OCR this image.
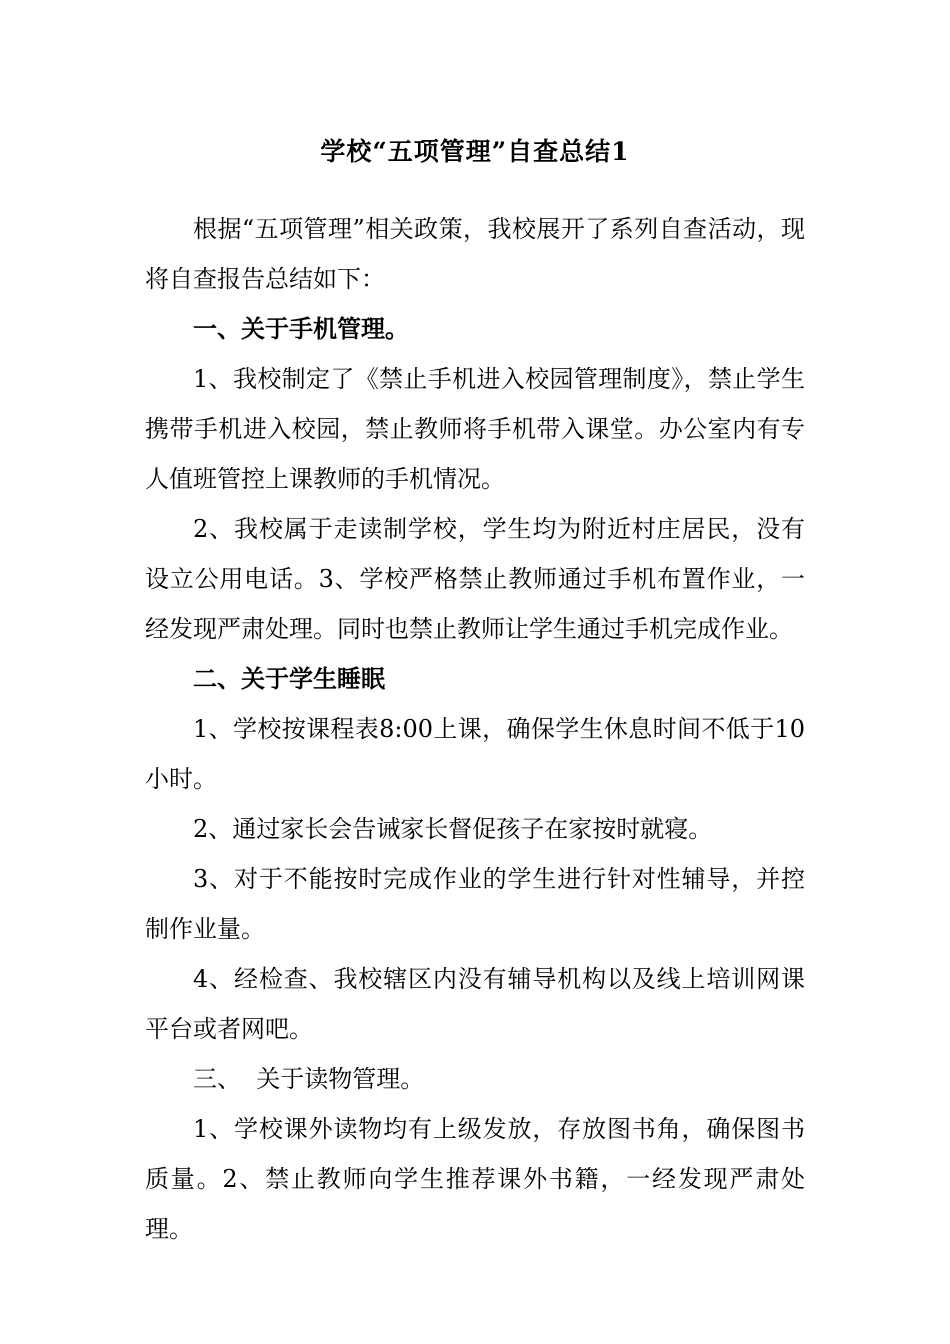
学校“五项管理”自查总结1

根据“五项管理”相关政策，我校展开了系列自查活动，现将自查报告总结如下：

一、关于手机管理。

1、我校制定了《禁止手机进入校园管理制度》，禁止学生携带手机进入校园，禁止教师将手机带入课堂。办公室内有专人值班管控上课教师的手机情况。

2、我校属于走读制学校，学生均为附近村庄居民，没有设立公用电话。3、学校严格禁止教师通过手机布置作业，一经发现严肃处理。同时也禁止教师让学生通过手机完成作业。

二、关于学生睡眠

1、学校按课程表8:00上课，确保学生休息时间不低于10小时。

2、通过家长会告诫家长督促孩子在家按时就寝。

3、对于不能按时完成作业的学生进行针对性辅导，并控制作业量。

4、经检查、我校辖区内没有辅导机构以及线上培训网课平台或者网吧。

三、  关于读物管理。

1、学校课外读物均有上级发放，存放图书角，确保图书质量。2、禁止教师向学生推荐课外书籍，一经发现严肃处理。
